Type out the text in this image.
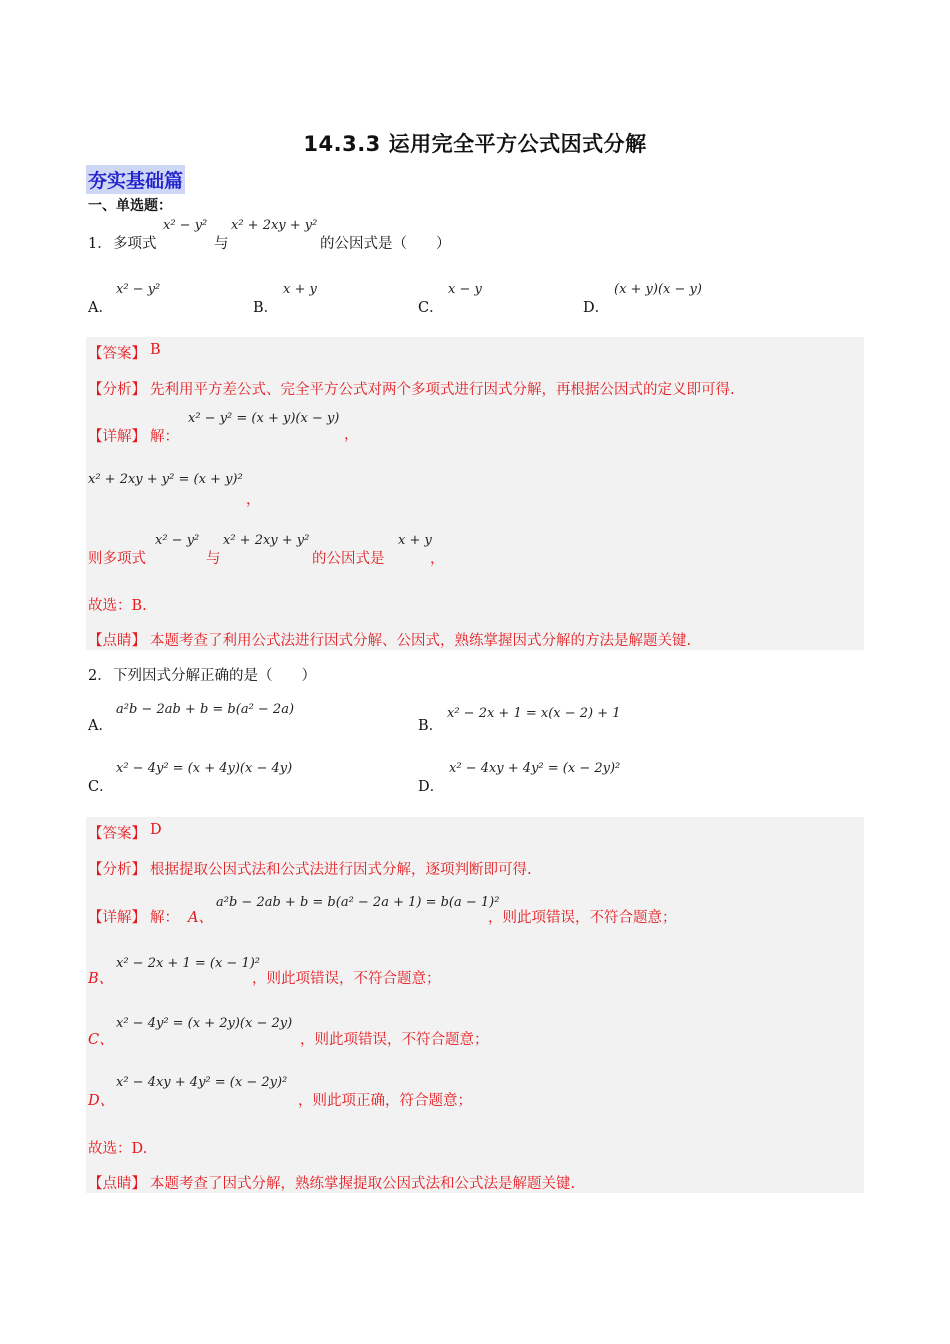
14.3.3 运用完全平方公式因式分解
夯实基础篇
一、单选题：
1． 多项式
x² − y²
与
x² + 2xy + y²
的公因式是（　　）
A．
x² − y²
B．
x + y
C．
x − y
D．
(x + y)(x − y)
【答案】 B
【分析】 先利用平方差公式、完全平方公式对两个多项式进行因式分解，再根据公因式的定义即可得.
【详解】 解：
x² − y² = (x + y)(x − y)
，
x² + 2xy + y² = (x + y)²
，
则多项式
x² − y²
与
x² + 2xy + y²
的公因式是
x + y
，
故选：B.
【点睛】 本题考查了利用公式法进行因式分解、公因式，熟练掌握因式分解的方法是解题关键.
2． 下列因式分解正确的是（　　）
A．
a²b − 2ab + b = b(a² − 2a)
B．
x² − 2x + 1 = x(x − 2) + 1
C．
x² − 4y² = (x + 4y)(x − 4y)
D．
x² − 4xy + 4y² = (x − 2y)²
【答案】 D
【分析】 根据提取公因式法和公式法进行因式分解，逐项判断即可得.
【详解】 解： A、
a²b − 2ab + b = b(a² − 2a + 1) = b(a − 1)²
，则此项错误，不符合题意；
B、
x² − 2x + 1 = (x − 1)²
，则此项错误，不符合题意；
C、
x² − 4y² = (x + 2y)(x − 2y)
，则此项错误，不符合题意；
D、
x² − 4xy + 4y² = (x − 2y)²
，则此项正确，符合题意；
故选：D.
【点睛】 本题考查了因式分解，熟练掌握提取公因式法和公式法是解题关键.
